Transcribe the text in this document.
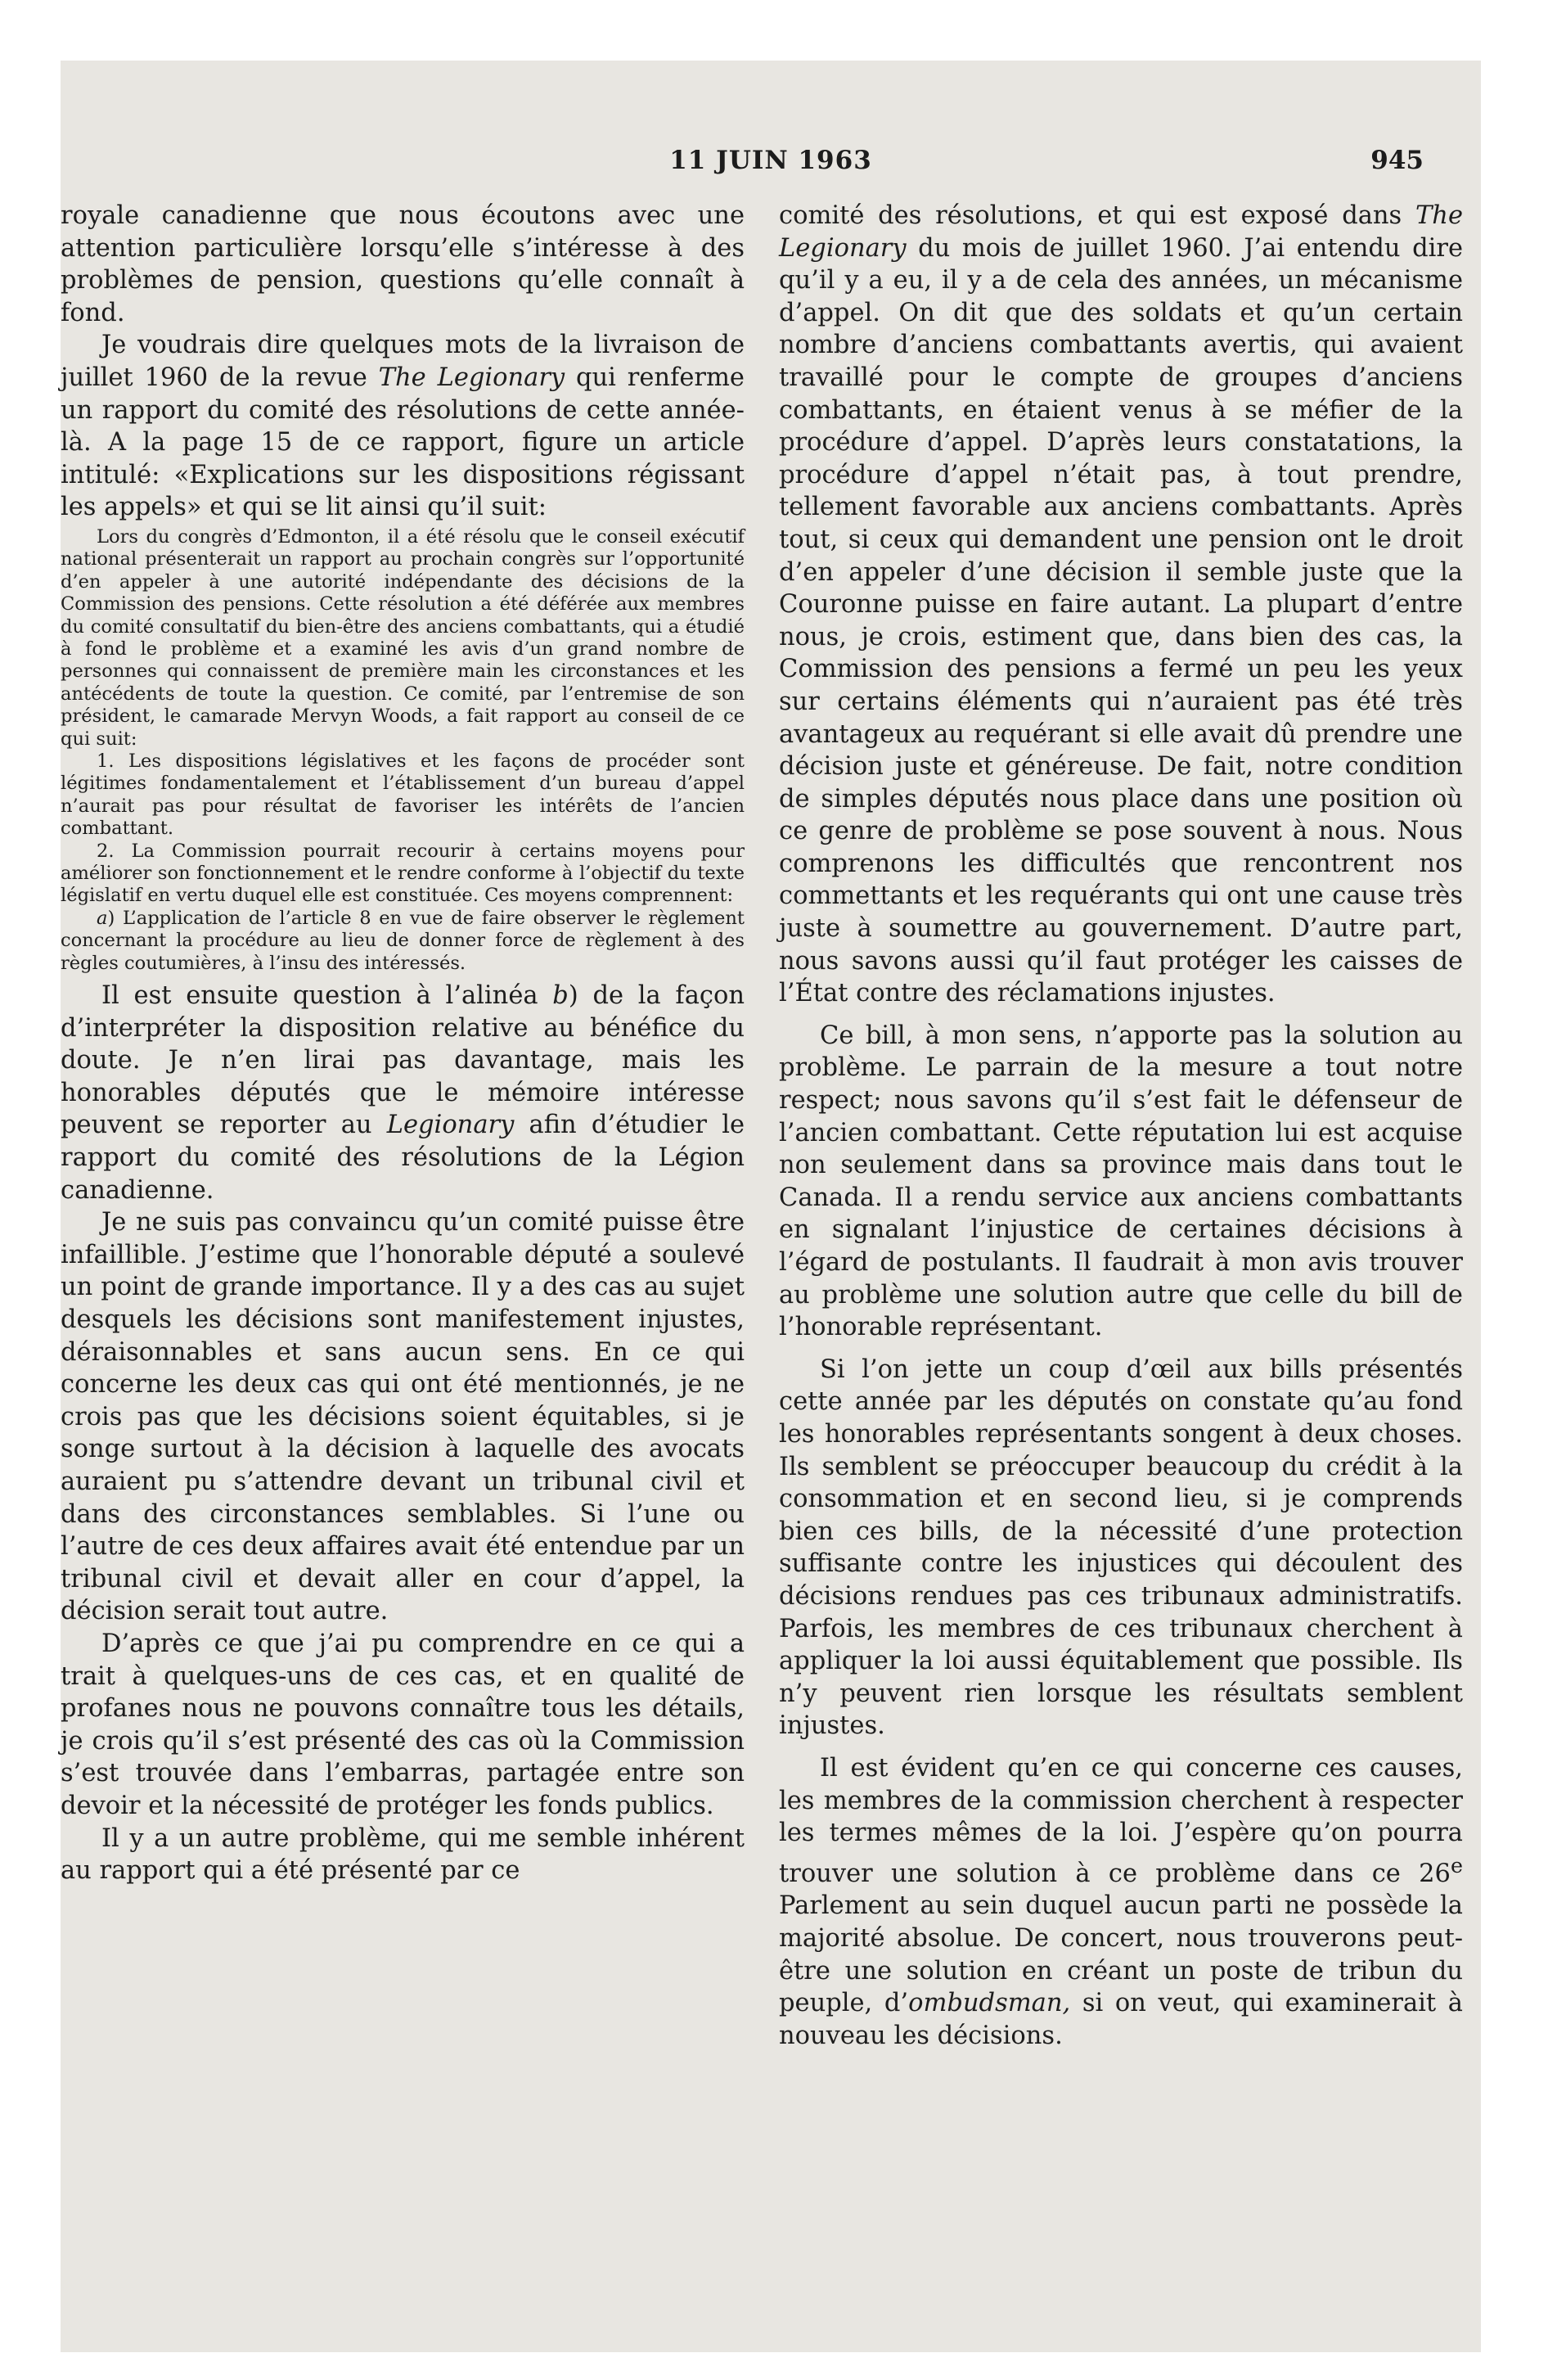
11 JUIN 1963	945

royale canadienne que nous écoutons avec une attention particulière lorsqu’elle s’intéresse à des problèmes de pension, questions qu’elle connaît à fond.

Je voudrais dire quelques mots de la livraison de juillet 1960 de la revue The Legionary qui renferme un rapport du comité des résolutions de cette année-là. A la page 15 de ce rapport, figure un article intitulé: «Explications sur les dispositions régissant les appels» et qui se lit ainsi qu’il suit:

Lors du congrès d’Edmonton, il a été résolu que le conseil exécutif national présenterait un rapport au prochain congrès sur l’opportunité d’en appeler à une autorité indépendante des décisions de la Commission des pensions. Cette résolution a été déférée aux membres du comité consultatif du bien-être des anciens combattants, qui a étudié à fond le problème et a examiné les avis d’un grand nombre de personnes qui connaissent de première main les circonstances et les antécédents de toute la question. Ce comité, par l’entremise de son président, le camarade Mervyn Woods, a fait rapport au conseil de ce qui suit:

1. Les dispositions législatives et les façons de procéder sont légitimes fondamentalement et l’établissement d’un bureau d’appel n’aurait pas pour résultat de favoriser les intérêts de l’ancien combattant.

2. La Commission pourrait recourir à certains moyens pour améliorer son fonctionnement et le rendre conforme à l’objectif du texte législatif en vertu duquel elle est constituée. Ces moyens comprennent:

a) L’application de l’article 8 en vue de faire observer le règlement concernant la procédure au lieu de donner force de règlement à des règles coutumières, à l’insu des intéressés.

Il est ensuite question à l’alinéa b) de la façon d’interpréter la disposition relative au bénéfice du doute. Je n’en lirai pas davantage, mais les honorables députés que le mémoire intéresse peuvent se reporter au Legionary afin d’étudier le rapport du comité des résolutions de la Légion canadienne.

Je ne suis pas convaincu qu’un comité puisse être infaillible. J’estime que l’honorable député a soulevé un point de grande importance. Il y a des cas au sujet desquels les décisions sont manifestement injustes, déraisonnables et sans aucun sens. En ce qui concerne les deux cas qui ont été mentionnés, je ne crois pas que les décisions soient équitables, si je songe surtout à la décision à laquelle des avocats auraient pu s’attendre devant un tribunal civil et dans des circonstances semblables. Si l’une ou l’autre de ces deux affaires avait été entendue par un tribunal civil et devait aller en cour d’appel, la décision serait tout autre.

D’après ce que j’ai pu comprendre en ce qui a trait à quelques-uns de ces cas, et en qualité de profanes nous ne pouvons connaître tous les détails, je crois qu’il s’est présenté des cas où la Commission s’est trouvée dans l’embarras, partagée entre son devoir et la nécessité de protéger les fonds publics.

Il y a un autre problème, qui me semble inhérent au rapport qui a été présenté par ce

comité des résolutions, et qui est exposé dans The Legionary du mois de juillet 1960. J’ai entendu dire qu’il y a eu, il y a de cela des années, un mécanisme d’appel. On dit que des soldats et qu’un certain nombre d’anciens combattants avertis, qui avaient travaillé pour le compte de groupes d’anciens combattants, en étaient venus à se méfier de la procédure d’appel. D’après leurs constatations, la procédure d’appel n’était pas, à tout prendre, tellement favorable aux anciens combattants. Après tout, si ceux qui demandent une pension ont le droit d’en appeler d’une décision il semble juste que la Couronne puisse en faire autant. La plupart d’entre nous, je crois, estiment que, dans bien des cas, la Commission des pensions a fermé un peu les yeux sur certains éléments qui n’auraient pas été très avantageux au requérant si elle avait dû prendre une décision juste et généreuse. De fait, notre condition de simples députés nous place dans une position où ce genre de problème se pose souvent à nous. Nous comprenons les difficultés que rencontrent nos commettants et les requérants qui ont une cause très juste à soumettre au gouvernement. D’autre part, nous savons aussi qu’il faut protéger les caisses de l’État contre des réclamations injustes.

Ce bill, à mon sens, n’apporte pas la solution au problème. Le parrain de la mesure a tout notre respect; nous savons qu’il s’est fait le défenseur de l’ancien combattant. Cette réputation lui est acquise non seulement dans sa province mais dans tout le Canada. Il a rendu service aux anciens combattants en signalant l’injustice de certaines décisions à l’égard de postulants. Il faudrait à mon avis trouver au problème une solution autre que celle du bill de l’honorable représentant.

Si l’on jette un coup d’œil aux bills présentés cette année par les députés on constate qu’au fond les honorables représentants songent à deux choses. Ils semblent se préoccuper beaucoup du crédit à la consommation et en second lieu, si je comprends bien ces bills, de la nécessité d’une protection suffisante contre les injustices qui découlent des décisions rendues pas ces tribunaux administratifs. Parfois, les membres de ces tribunaux cherchent à appliquer la loi aussi équitablement que possible. Ils n’y peuvent rien lorsque les résultats semblent injustes.

Il est évident qu’en ce qui concerne ces causes, les membres de la commission cherchent à respecter les termes mêmes de la loi. J’espère qu’on pourra trouver une solution à ce problème dans ce 26e Parlement au sein duquel aucun parti ne possède la majorité absolue. De concert, nous trouverons peut-être une solution en créant un poste de tribun du peuple, d’ombudsman, si on veut, qui examinerait à nouveau les décisions.
